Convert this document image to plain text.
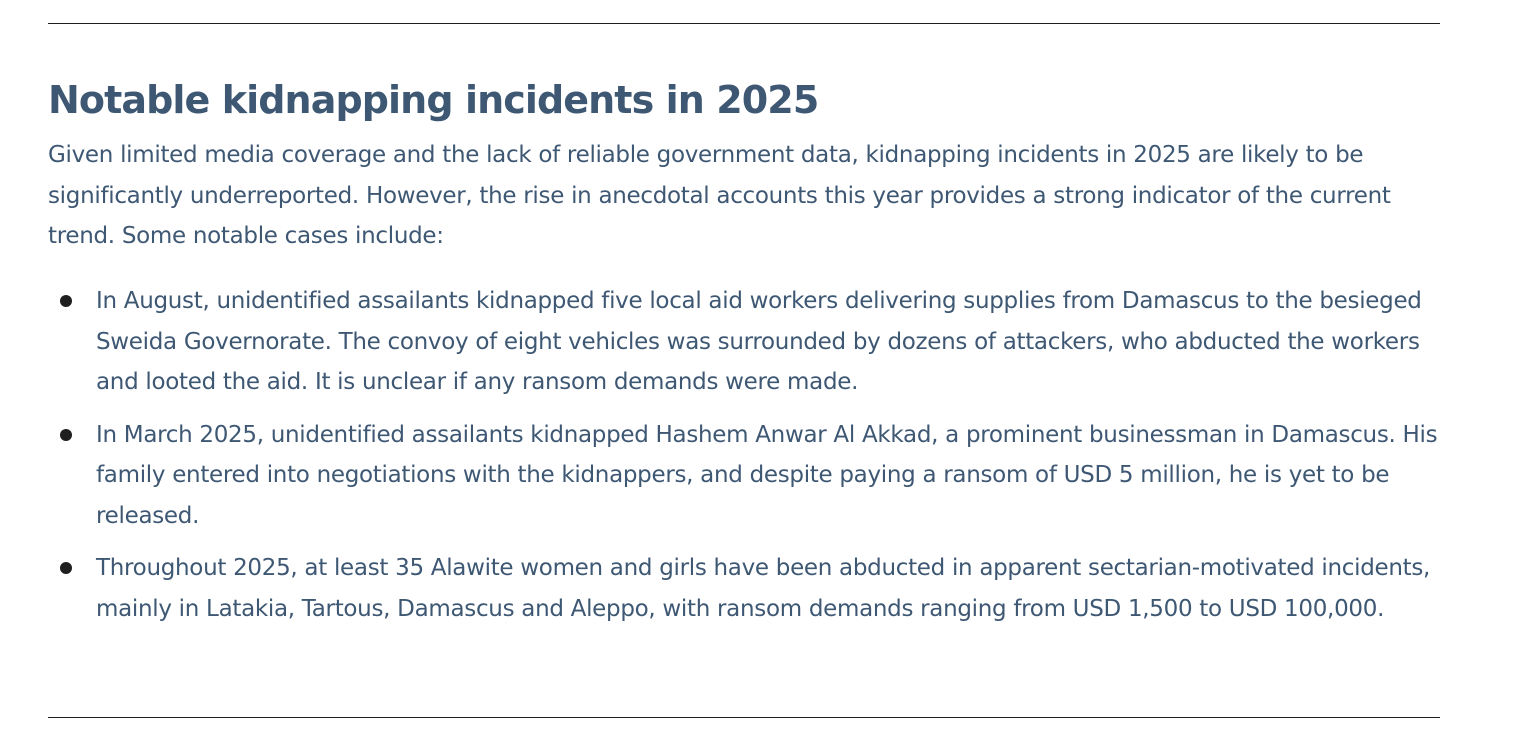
Notable kidnapping incidents in 2025

Given limited media coverage and the lack of reliable government data, kidnapping incidents in 2025 are likely to be significantly underreported. However, the rise in anecdotal accounts this year provides a strong indicator of the current trend. Some notable cases include:

In August, unidentified assailants kidnapped five local aid workers delivering supplies from Damascus to the besieged Sweida Governorate. The convoy of eight vehicles was surrounded by dozens of attackers, who abducted the workers and looted the aid. It is unclear if any ransom demands were made.
In March 2025, unidentified assailants kidnapped Hashem Anwar Al Akkad, a prominent businessman in Damascus. His family entered into negotiations with the kidnappers, and despite paying a ransom of USD 5 million, he is yet to be released.
Throughout 2025, at least 35 Alawite women and girls have been abducted in apparent sectarian-motivated incidents, mainly in Latakia, Tartous, Damascus and Aleppo, with ransom demands ranging from USD 1,500 to USD 100,000.
